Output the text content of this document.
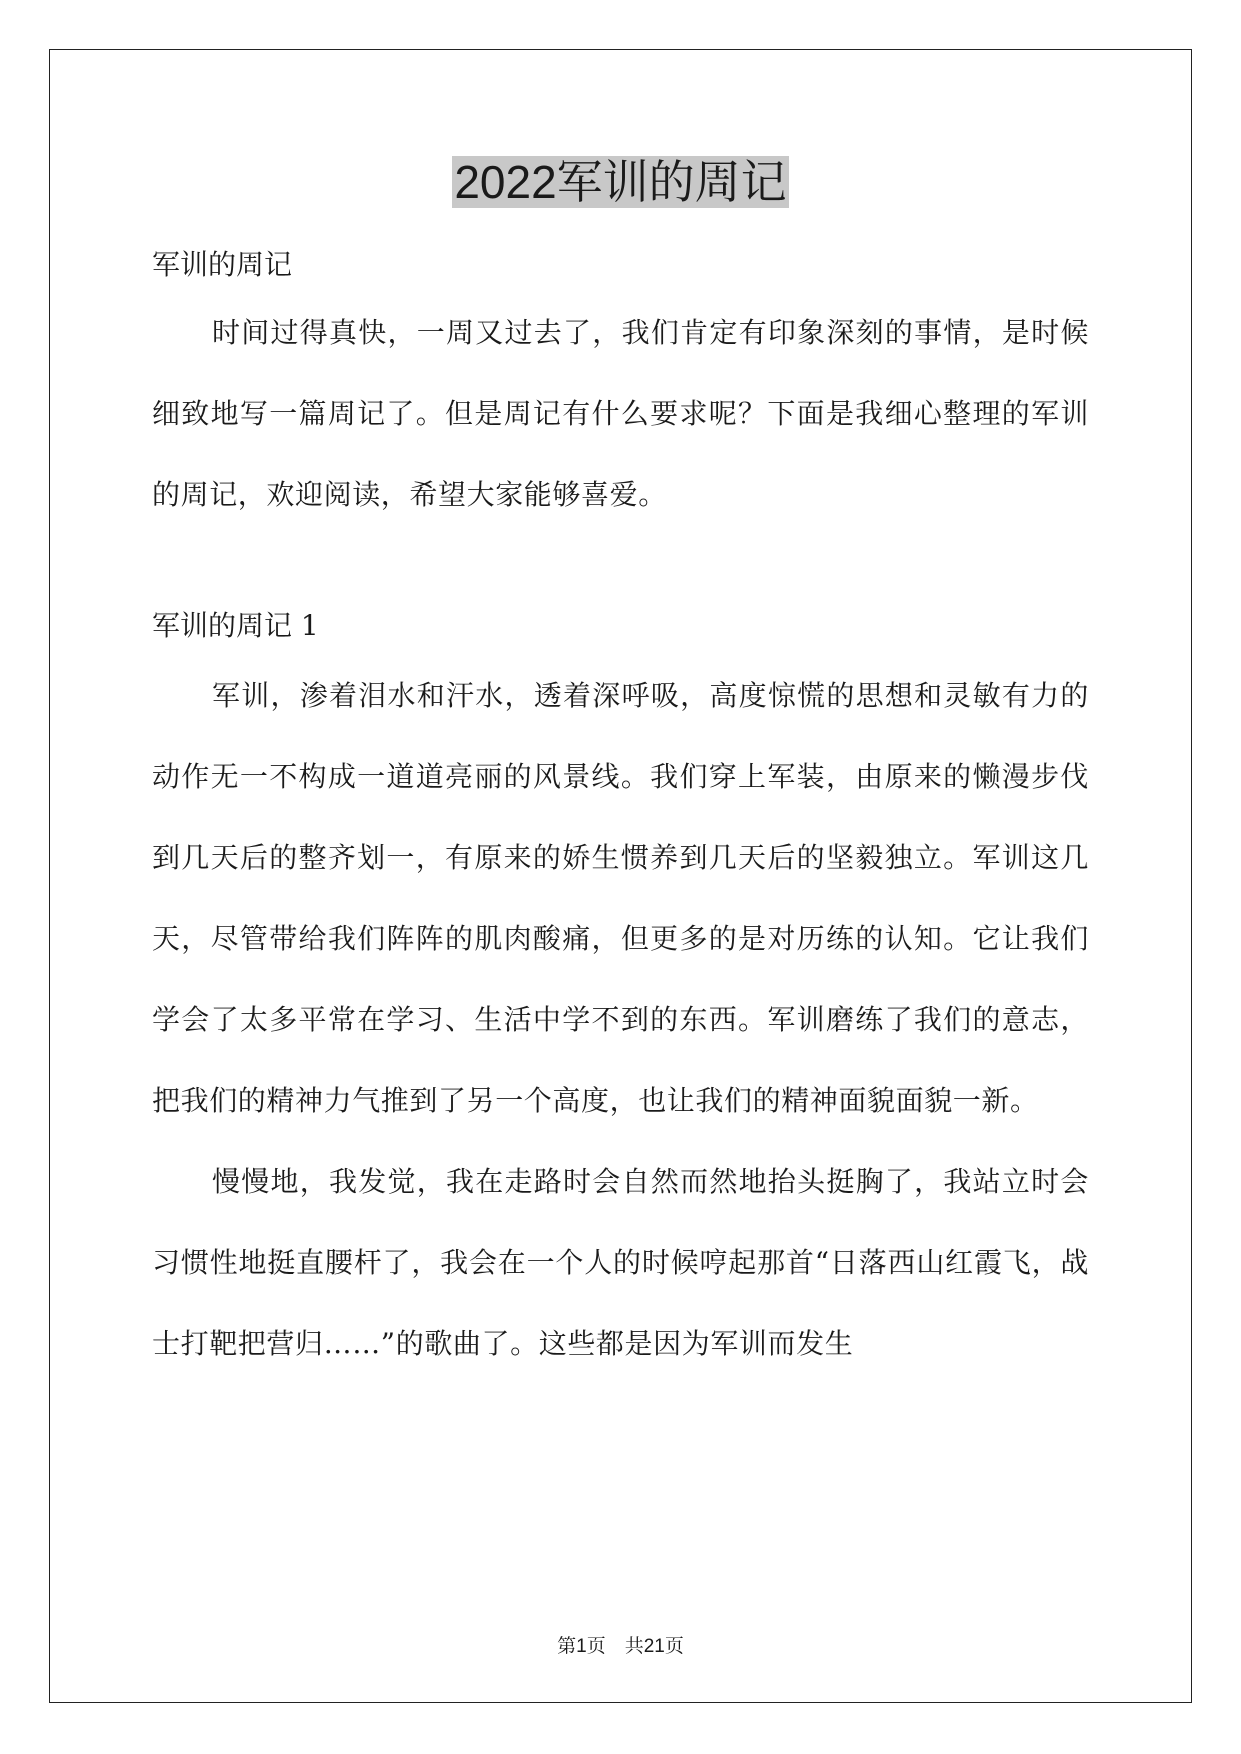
2022军训的周记
军训的周记

时间过得真快，一周又过去了，我们肯定有印象深刻的事情，是时候细致地写一篇周记了。但是周记有什么要求呢？下面是我细心整理的军训的周记，欢迎阅读，希望大家能够喜爱。

军训的周记 1

军训，渗着泪水和汗水，透着深呼吸，高度惊慌的思想和灵敏有力的动作无一不构成一道道亮丽的风景线。我们穿上军装，由原来的懒漫步伐到几天后的整齐划一，有原来的娇生惯养到几天后的坚毅独立。军训这几天，尽管带给我们阵阵的肌肉酸痛，但更多的是对历练的认知。它让我们学会了太多平常在学习、生活中学不到的东西。军训磨练了我们的意志，把我们的精神力气推到了另一个高度，也让我们的精神面貌面貌一新。

慢慢地，我发觉，我在走路时会自然而然地抬头挺胸了，我站立时会习惯性地挺直腰杆了，我会在一个人的时候哼起那首“日落西山红霞飞，战士打靶把营归……”的歌曲了。这些都是因为军训而发生

第1页　共21页
